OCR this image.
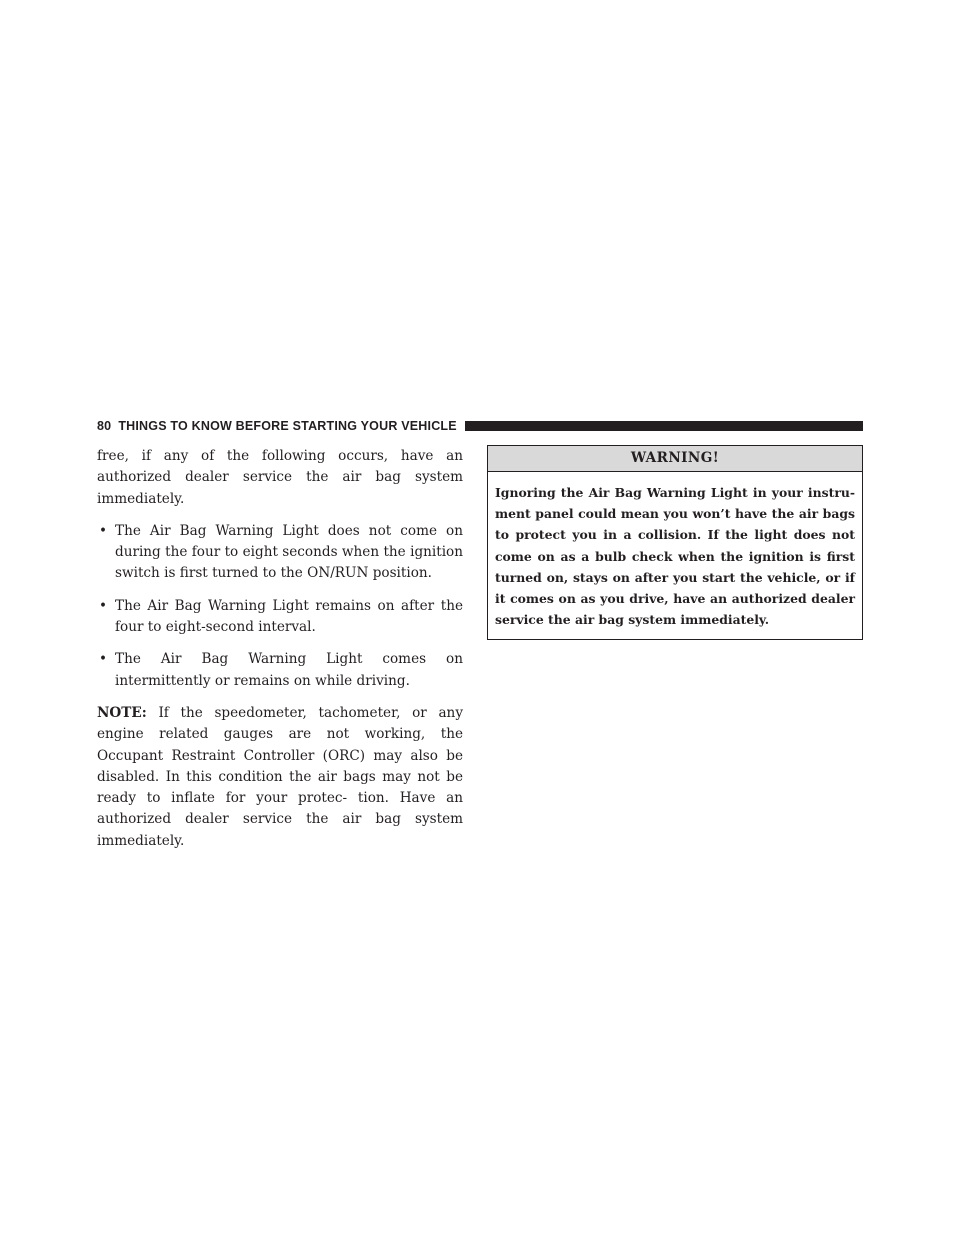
80 THINGS TO KNOW BEFORE STARTING YOUR VEHICLE

free, if any of the following occurs, have an authorized dealer service the air bag system immediately.

• The Air Bag Warning Light does not come on during the four to eight seconds when the ignition switch is first turned to the ON/RUN position.
• The Air Bag Warning Light remains on after the four to eight-second interval.
• The Air Bag Warning Light comes on intermittently or remains on while driving.

NOTE: If the speedometer, tachometer, or any engine related gauges are not working, the Occupant Restraint Controller (ORC) may also be disabled. In this condition the air bags may not be ready to inflate for your protec- tion. Have an authorized dealer service the air bag system immediately.

WARNING!
Ignoring the Air Bag Warning Light in your instru- ment panel could mean you won’t have the air bags to protect you in a collision. If the light does not come on as a bulb check when the ignition is first turned on, stays on after you start the vehicle, or if it comes on as you drive, have an authorized dealer service the air bag system immediately.
